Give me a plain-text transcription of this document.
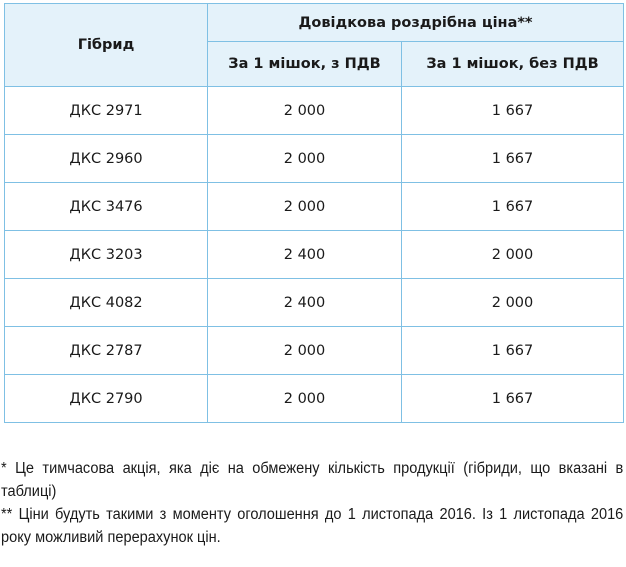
Гібрид	Довідкова роздрібна ціна**	
	За 1 мішок, з ПДВ	За 1 мішок, без ПДВ
ДКС 2971	2 000	1 667
ДКС 2960	2 000	1 667
ДКС 3476	2 000	1 667
ДКС 3203	2 400	2 000
ДКС 4082	2 400	2 000
ДКС 2787	2 000	1 667
ДКС 2790	2 000	1 667

* Це тимчасова акція, яка діє на обмежену кількість продукції (гібриди, що вказані в таблиці)

** Ціни будуть такими з моменту оголошення до 1 листопада 2016. Із 1 листопада 2016 року можливий перерахунок цін.
